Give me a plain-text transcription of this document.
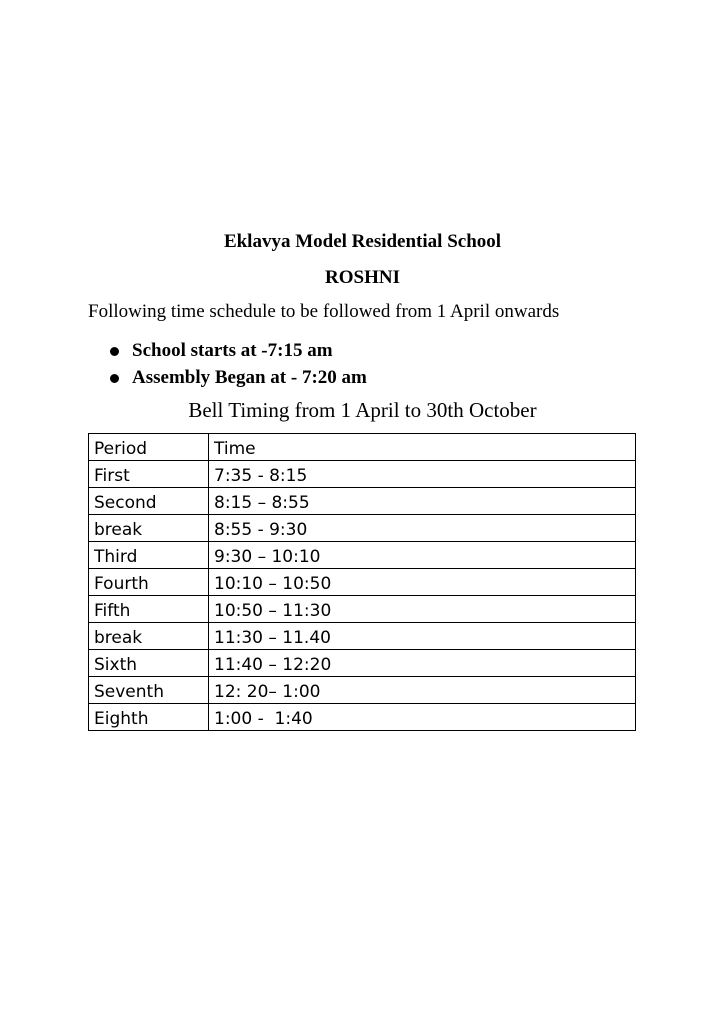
Eklavya Model Residential School
ROSHNI
Following time schedule to be followed from 1 April onwards
School starts at -7:15 am
Assembly Began at - 7:20 am
Bell Timing from 1 April to 30th October
Period	Time
First	7:35 - 8:15
Second	8:15 – 8:55
break	8:55 - 9:30
Third	9:30 – 10:10
Fourth	10:10 – 10:50
Fifth	10:50 – 11:30
break	11:30 – 11.40
Sixth	11:40 – 12:20
Seventh	12: 20– 1:00
Eighth	1:00 -  1:40
